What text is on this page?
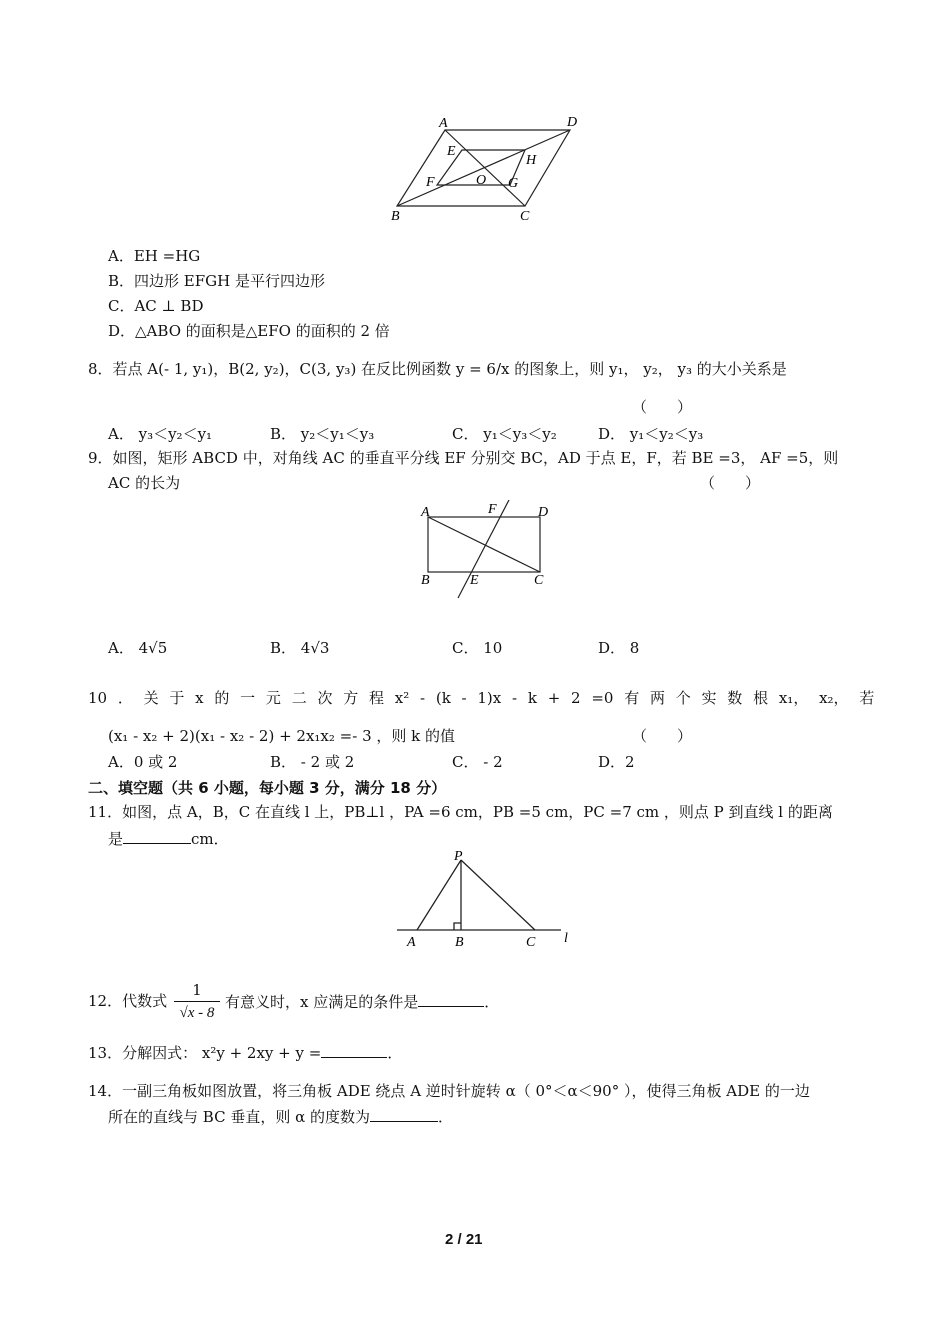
A	D
E
H
F	O G
B	C
A．EH =HG
B．四边形 EFGH 是平行四边形
C．AC ⊥ BD
D．△ABO 的面积是△EFO 的面积的 2 倍
8．若点 A(- 1, y₁)，B(2, y₂)，C(3, y₃) 在反比例函数 y = 6/x 的图象上，则 y₁， y₂， y₃ 的大小关系是
（　　）
A． y₃＜y₂＜y₁	B． y₂＜y₁＜y₃	C． y₁＜y₃＜y₂	D． y₁＜y₂＜y₃
9．如图，矩形 ABCD 中，对角线 AC 的垂直平分线 EF 分别交 BC，AD 于点 E，F，若 BE =3， AF =5，则
AC 的长为	（　　）
A	F	D
B	E	C
A． 4√5	B． 4√3	C． 10	D． 8
10 ． 关 于 x 的 一 元 二 次 方 程 x² - (k - 1)x - k + 2 =0 有 两 个 实 数 根 x₁， x₂， 若
(x₁ - x₂ + 2)(x₁ - x₂ - 2) + 2x₁x₂ =- 3 ，则 k 的值	（　　）
A．0 或 2	B． - 2 或 2	C． - 2	D．2
二、填空题（共 6 小题，每小题 3 分，满分 18 分）
11．如图，点 A，B，C 在直线 l 上，PB⊥l ，PA =6 cm，PB =5 cm，PC =7 cm ，则点 P 到直线 l 的距离
是	cm．
P
A	B	C l
12．代数式
1
√x - 8
有意义时，x 应满足的条件是	．
13．分解因式： x²y + 2xy + y =	．
14．一副三角板如图放置，将三角板 ADE 绕点 A 逆时针旋转 α（ 0°＜α＜90° ），使得三角板 ADE 的一边
所在的直线与 BC 垂直，则 α 的度数为	．
2 / 21
